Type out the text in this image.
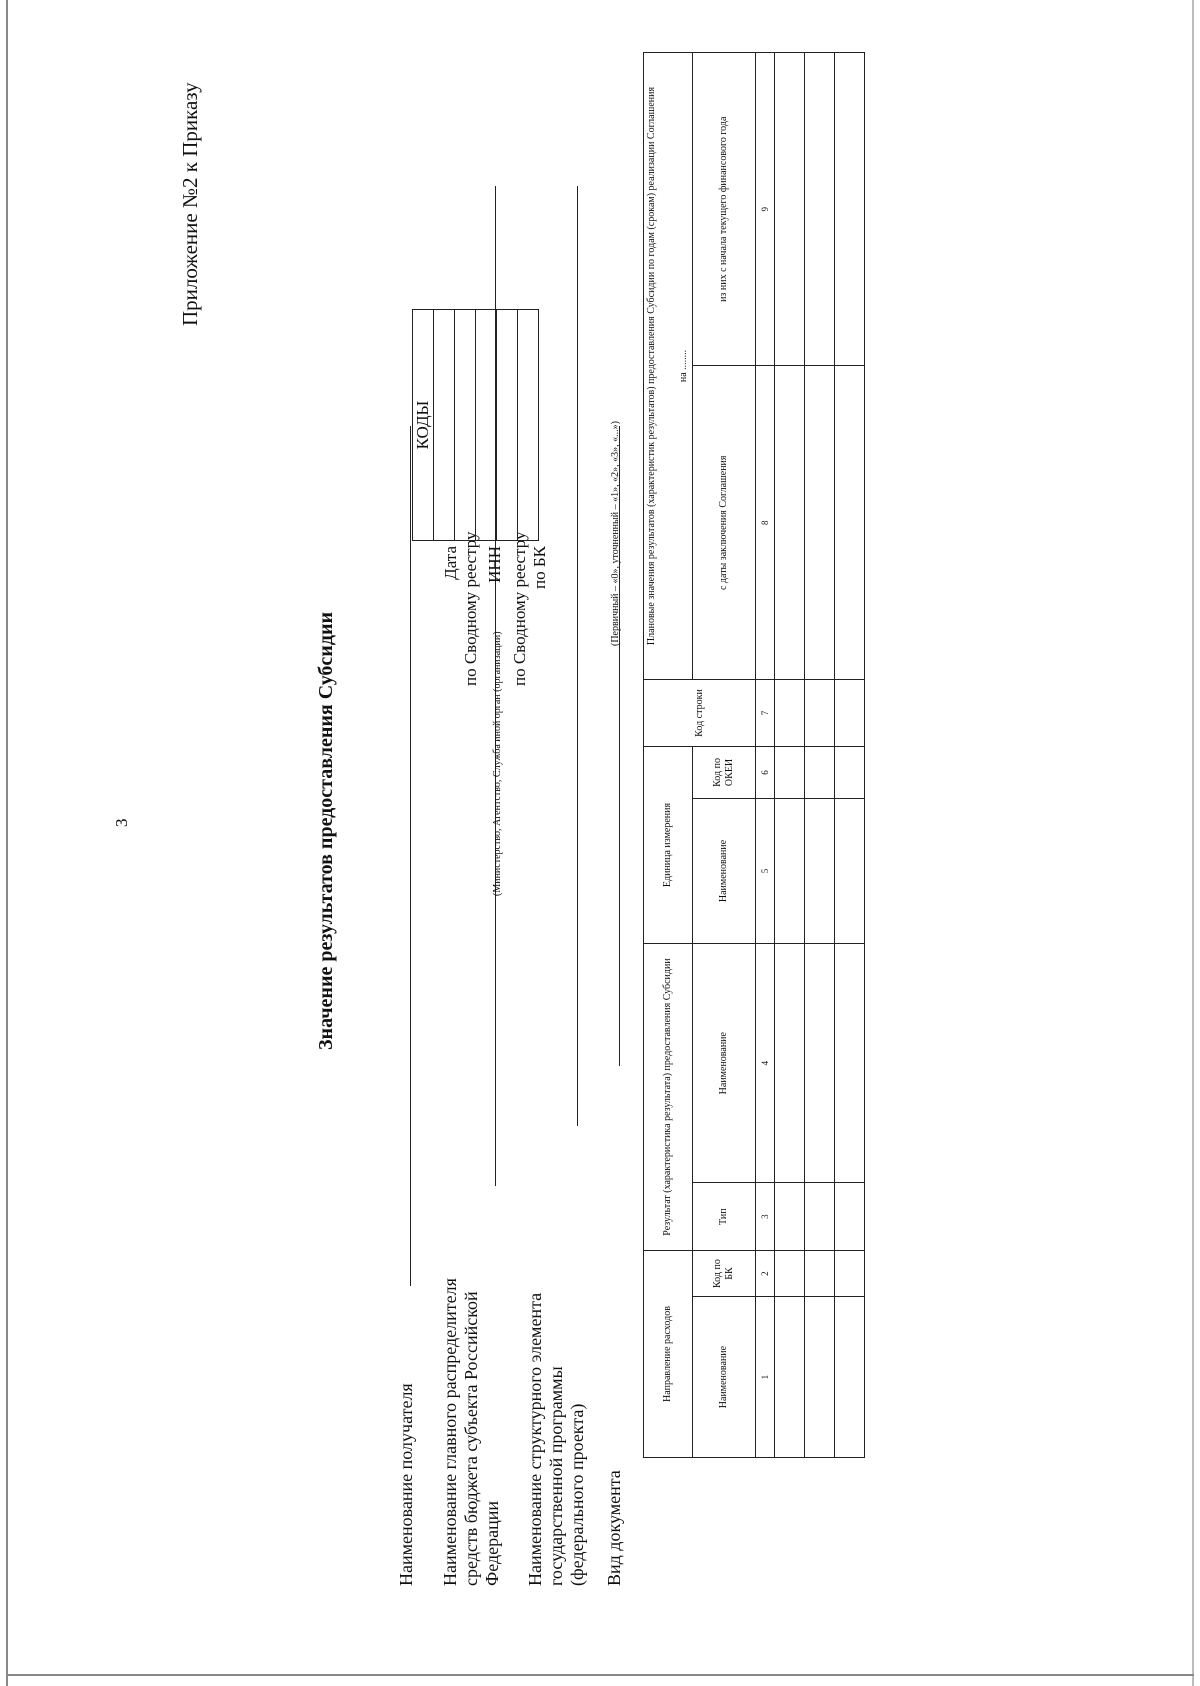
3
Приложение №2 к Приказу
Значение результатов предоставления Субсидии
Наименование получателя Наименование главного распределителя средств бюджета субъекта Российской Федерации
(Министерство, Агентство, Служба иной орган (организации)
Наименование структурного элемента государственной программы (федерального проекта) Вид документа
(Первичный – «0», уточненный – «1», «2», «3», «...»)
Дата по Сводному реестру ИНН по Сводному реестру по БК
КОДЫ

Направление расходов		Результат (характеристика результата) предоставления Субсидии		Единица измерения		Код строки	Плановые значения результатов (характеристик результатов) предоставления Субсидии по годам (срокам) реализации Соглашения на ........	

Наименование	Код по БК	Тип	Наименование	Наименование	Код по ОКЕИ		с даты заключения Соглашения	из них с начала текущего финансового года
1	2	3	4	5	6	7	8	9
